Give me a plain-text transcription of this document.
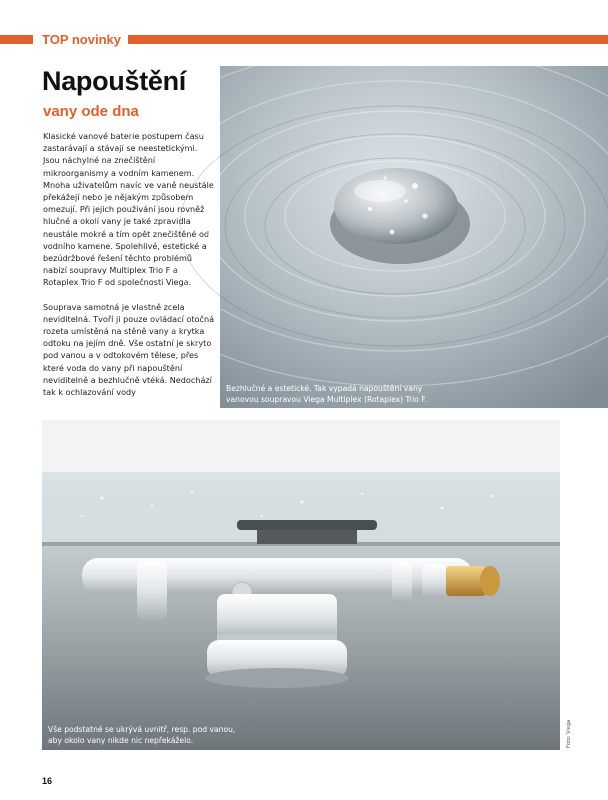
TOP novinky
Napouštění
vany ode dna

Klasické vanové baterie postupem času zastarávají a stávají se neestetickými. Jsou náchylné na znečištění mikroorganismy a vodním kamenem. Mnoha uživatelům navíc ve vaně neustále překážejí nebo je nějakým způsobem omezují. Při jejich používání jsou rovněž hlučné a okolí vany je také zpravidla neustále mokré a tím opět znečištěné od vodního kamene. Spolehlivé, estetické a bezúdržbové řešení těchto problémů nabízí soupravy Multiplex Trio F a Rotaplex Trio F od společnosti Viega.

Souprava samotná je vlastně zcela neviditelná. Tvoří ji pouze ovládací otočná rozeta umístěná na stěně vany a krytka odtoku na jejím dně. Vše ostatní je skryto pod vanou a v odtokovém tělese, přes které voda do vany při napouštění neviditelně a bezhlučně vtéká. Nedochází tak k ochlazování vody	Bezhlučné a estetické. Tak vypadá napouštění vany vanovou soupravou Viega Multiplex (Rotaplex) Trio F.
Vše podstatné se ukrývá uvnitř, resp. pod vanou, aby okolo vany nikde nic nepřekáželo.	Foto: Viega
16
